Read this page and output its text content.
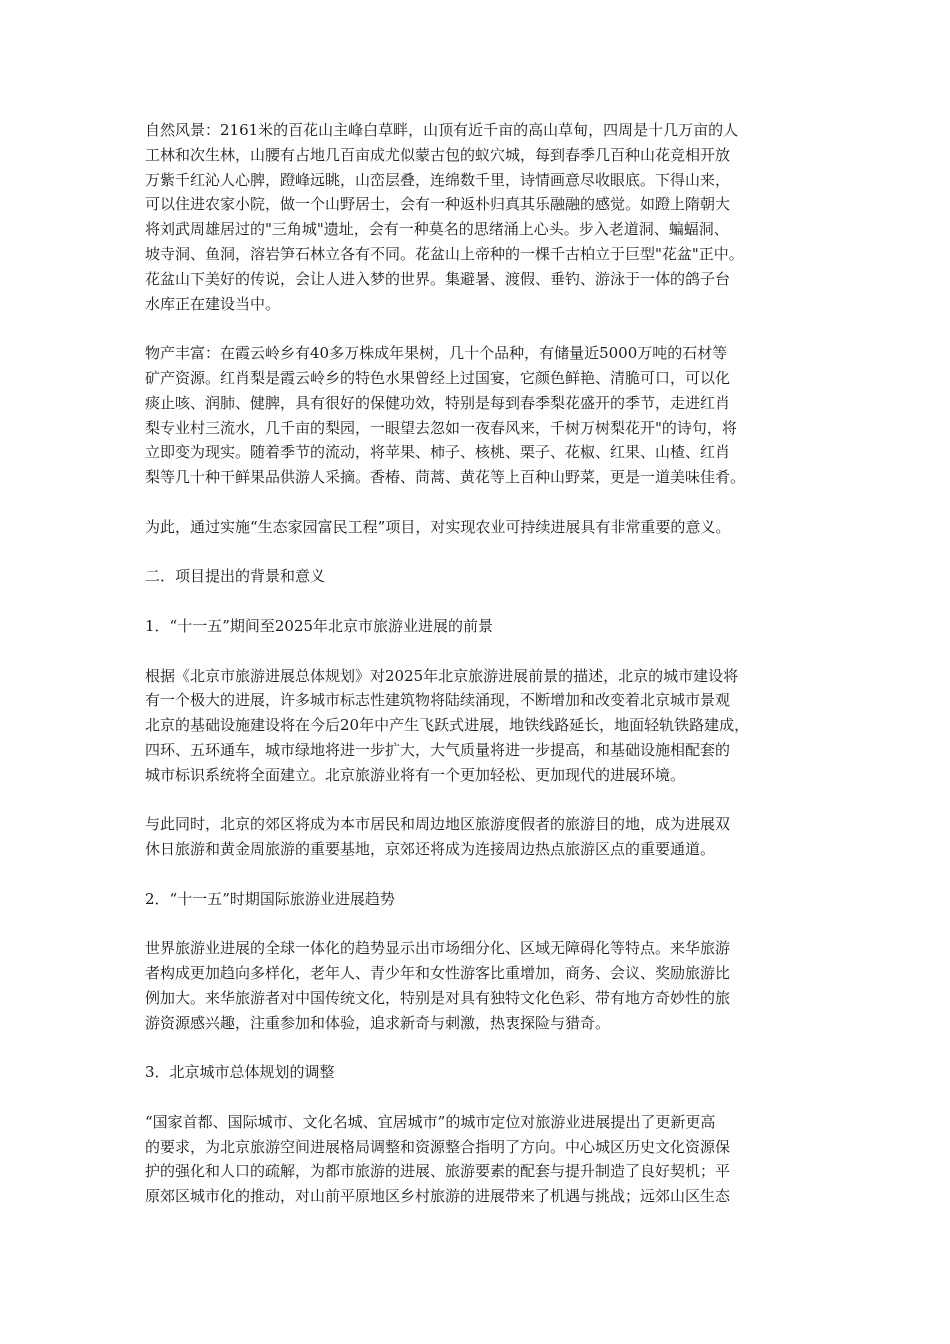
自然风景：2161米的百花山主峰白草畔，山顶有近千亩的高山草甸，四周是十几万亩的人
工林和次生林，山腰有占地几百亩成尤似蒙古包的蚁穴城，每到春季几百种山花竞相开放
万紫千红沁人心脾，蹬峰远眺，山峦层叠，连绵数千里，诗情画意尽收眼底。下得山来，
可以住进农家小院，做一个山野居士，会有一种返朴归真其乐融融的感觉。如蹬上隋朝大
将刘武周雄居过的"三角城"遗址，会有一种莫名的思绪涌上心头。步入老道洞、蝙蝠洞、
坡寺洞、鱼洞，溶岩笋石林立各有不同。花盆山上帝种的一棵千古柏立于巨型"花盆"正中。
花盆山下美好的传说，会让人进入梦的世界。集避暑、渡假、垂钓、游泳于一体的鸽子台
水库正在建设当中。

物产丰富：在霞云岭乡有40多万株成年果树，几十个品种，有储量近5000万吨的石材等
矿产资源。红肖梨是霞云岭乡的特色水果曾经上过国宴，它颜色鲜艳、清脆可口，可以化
痰止咳、润肺、健脾，具有很好的保健功效，特别是每到春季梨花盛开的季节，走进红肖
梨专业村三流水，几千亩的梨园，一眼望去忽如一夜春风来，千树万树梨花开"的诗句，将
立即变为现实。随着季节的流动，将苹果、柿子、核桃、栗子、花椒、红果、山楂、红肖
梨等几十种干鲜果品供游人采摘。香椿、茼蒿、黄花等上百种山野菜，更是一道美味佳肴。

为此，通过实施“生态家园富民工程”项目，对实现农业可持续进展具有非常重要的意义。

二．项目提出的背景和意义

1．“十一五”期间至2025年北京市旅游业进展的前景

根据《北京市旅游进展总体规划》对2025年北京旅游进展前景的描述，北京的城市建设将
有一个极大的进展，许多城市标志性建筑物将陆续涌现，不断增加和改变着北京城市景观
北京的基础设施建设将在今后20年中产生飞跃式进展，地铁线路延长，地面轻轨铁路建成，
四环、五环通车，城市绿地将进一步扩大，大气质量将进一步提高，和基础设施相配套的
城市标识系统将全面建立。北京旅游业将有一个更加轻松、更加现代的进展环境。

与此同时，北京的郊区将成为本市居民和周边地区旅游度假者的旅游目的地，成为进展双
休日旅游和黄金周旅游的重要基地，京郊还将成为连接周边热点旅游区点的重要通道。

2．“十一五”时期国际旅游业进展趋势

世界旅游业进展的全球一体化的趋势显示出市场细分化、区域无障碍化等特点。来华旅游
者构成更加趋向多样化，老年人、青少年和女性游客比重增加，商务、会议、奖励旅游比
例加大。来华旅游者对中国传统文化，特别是对具有独特文化色彩、带有地方奇妙性的旅
游资源感兴趣，注重参加和体验，追求新奇与刺激，热衷探险与猎奇。

3．北京城市总体规划的调整

“国家首都、国际城市、文化名城、宜居城市”的城市定位对旅游业进展提出了更新更高
的要求，为北京旅游空间进展格局调整和资源整合指明了方向。中心城区历史文化资源保
护的强化和人口的疏解，为都市旅游的进展、旅游要素的配套与提升制造了良好契机；平
原郊区城市化的推动，对山前平原地区乡村旅游的进展带来了机遇与挑战；远郊山区生态
